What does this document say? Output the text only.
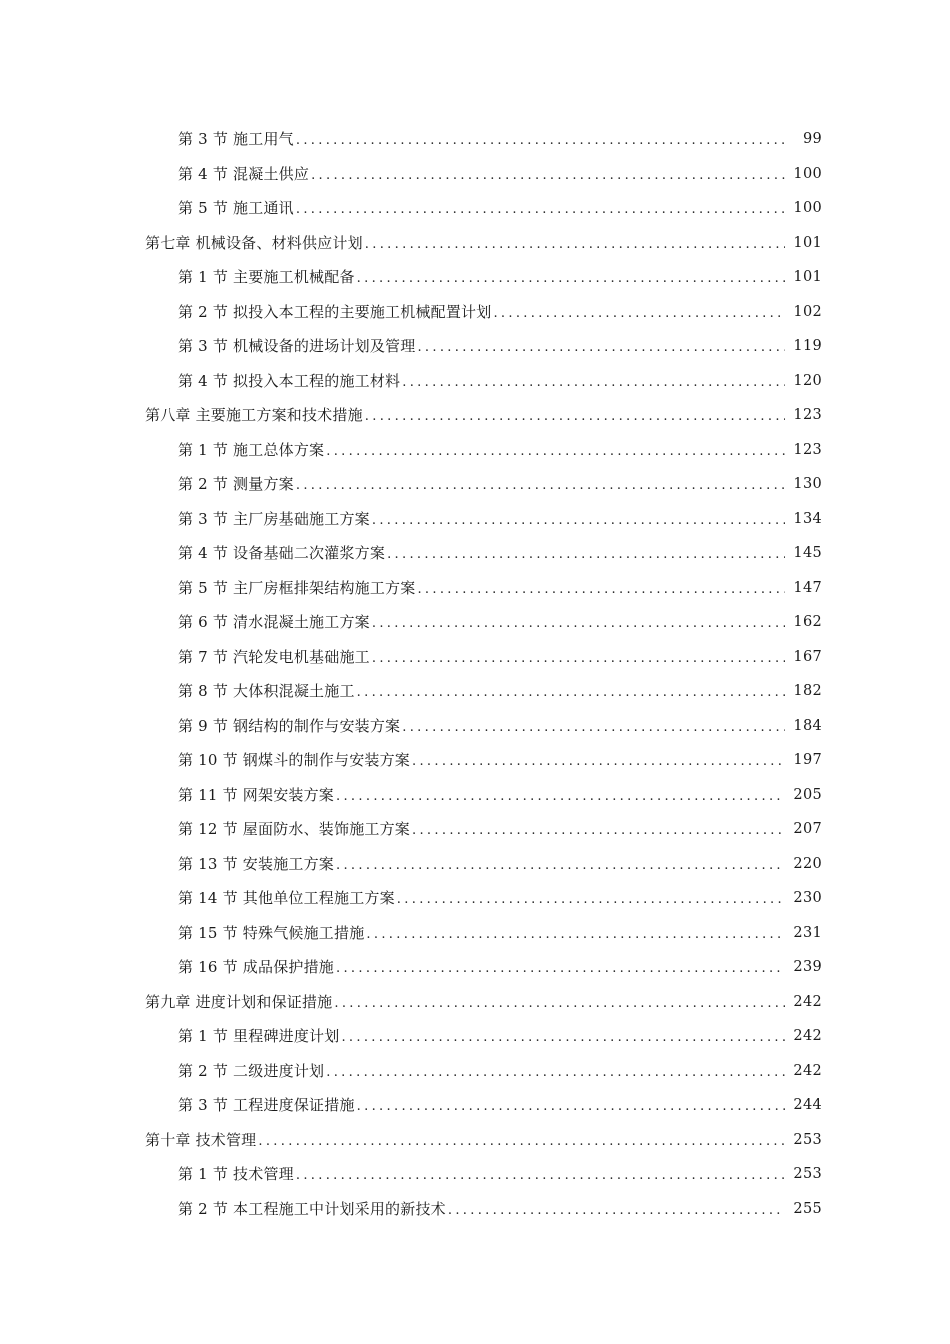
第 3 节 施工用气 . . .	99
第 4 节 混凝土供应 . . .	100
第 5 节 施工通讯 . . .	100
第七章 机械设备、材料供应计划 . . .	101
第 1 节 主要施工机械配备 . . .	101
第 2 节 拟投入本工程的主要施工机械配置计划 . . .	102
第 3 节 机械设备的进场计划及管理 . . .	119
第 4 节 拟投入本工程的施工材料 . . .	120
第八章 主要施工方案和技术措施 . . .	123
第 1 节 施工总体方案 . . .	123
第 2 节 测量方案 . . .	130
第 3 节 主厂房基础施工方案 . . .	134
第 4 节 设备基础二次灌浆方案 . . .	145
第 5 节 主厂房框排架结构施工方案 . . .	147
第 6 节 清水混凝土施工方案 . . .	162
第 7 节 汽轮发电机基础施工 . . .	167
第 8 节 大体积混凝土施工 . . .	182
第 9 节 钢结构的制作与安装方案 . . .	184
第 10 节 钢煤斗的制作与安装方案 . . .	197
第 11 节 网架安装方案 . . .	205
第 12 节 屋面防水、装饰施工方案 . . .	207
第 13 节 安装施工方案 . . .	220
第 14 节 其他单位工程施工方案 . . .	230
第 15 节 特殊气候施工措施 . . .	231
第 16 节 成品保护措施 . . .	239
第九章 进度计划和保证措施 . . .	242
第 1 节 里程碑进度计划 . . .	242
第 2 节 二级进度计划 . . .	242
第 3 节 工程进度保证措施 . . .	244
第十章 技术管理 . . .	253
第 1 节 技术管理 . . .	253
第 2 节 本工程施工中计划采用的新技术 . . .	255
